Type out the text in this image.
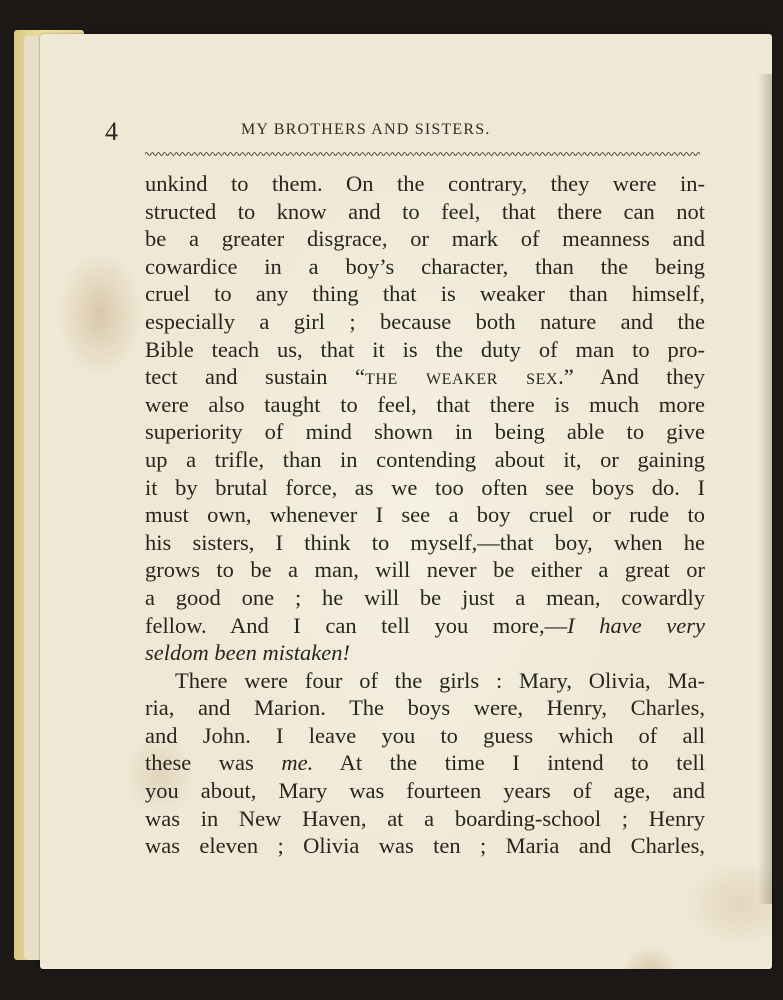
4	MY BROTHERS AND SISTERS.
unkind to them. On the contrary, they were in-
structed to know and to feel, that there can not
be a greater disgrace, or mark of meanness and
cowardice in a boy’s character, than the being
cruel to any thing that is weaker than himself,
especially a girl ; because both nature and the
Bible teach us, that it is the duty of man to pro-
tect and sustain “the weaker sex.” And they
were also taught to feel, that there is much more
superiority of mind shown in being able to give
up a trifle, than in contending about it, or gaining
it by brutal force, as we too often see boys do. I
must own, whenever I see a boy cruel or rude to
his sisters, I think to myself,—that boy, when he
grows to be a man, will never be either a great or
a good one ; he will be just a mean, cowardly
fellow. And I can tell you more,—I have very
seldom been mistaken!
There were four of the girls : Mary, Olivia, Ma-
ria, and Marion. The boys were, Henry, Charles,
and John. I leave you to guess which of all
these was me. At the time I intend to tell
you about, Mary was fourteen years of age, and
was in New Haven, at a boarding-school ; Henry
was eleven ; Olivia was ten ; Maria and Charles,
